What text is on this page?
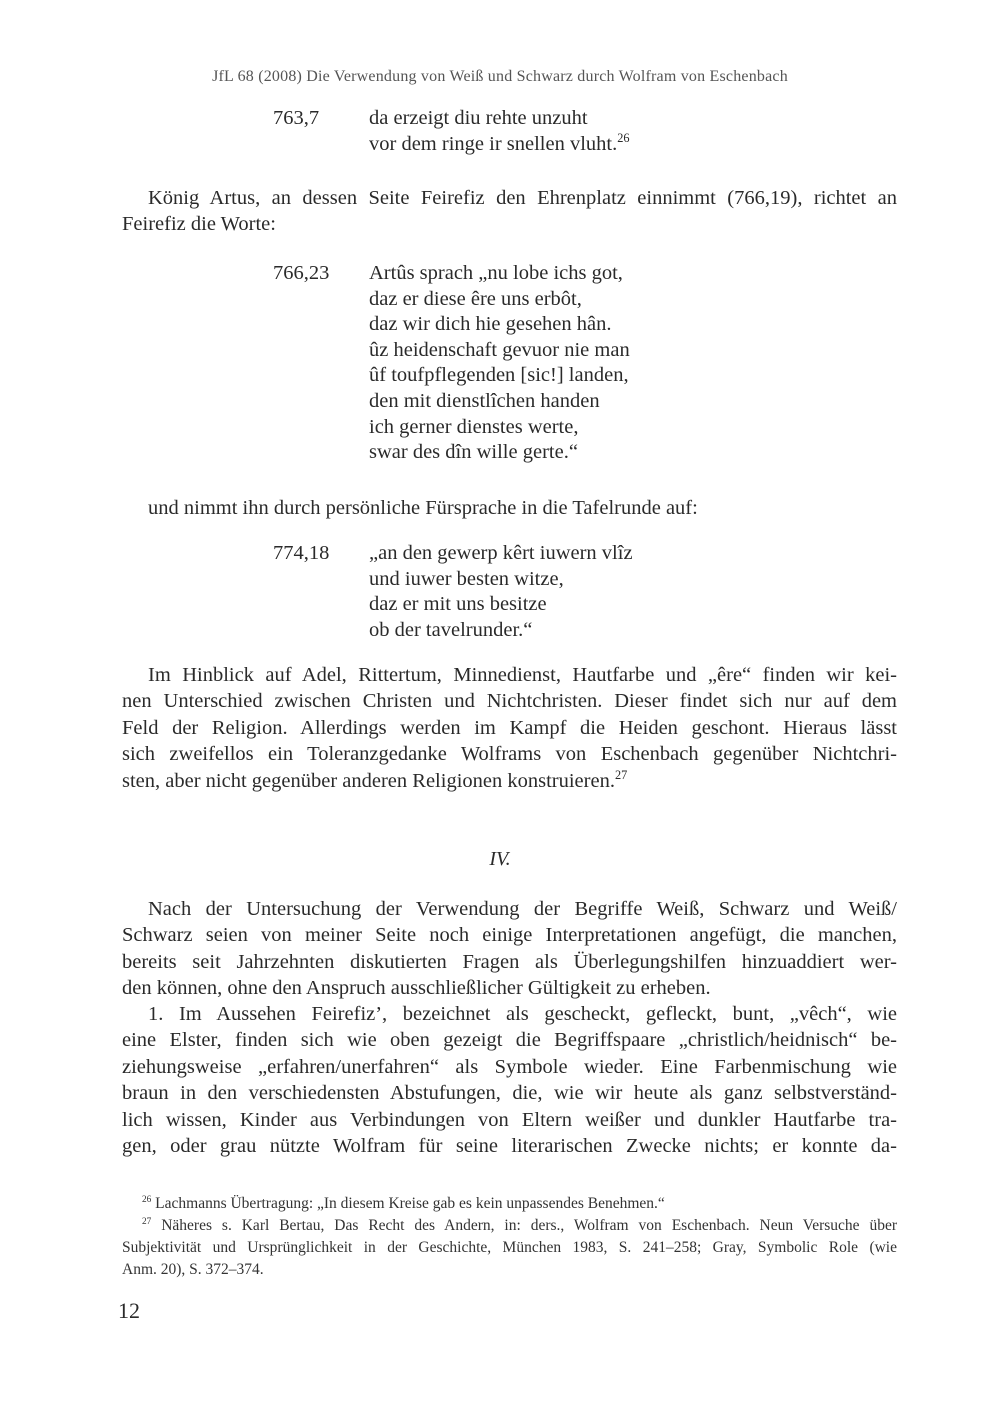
JfL 68 (2008) Die Verwendung von Weiß und Schwarz durch Wolfram von Eschenbach
763,7 da erzeigt diu rehte unzuht
vor dem ringe ir snellen vluht.$^{26}$
König Artus, an dessen Seite Feirefiz den Ehrenplatz einnimmt (766,19), richtet an
Feirefiz die Worte:
766,23 Artûs sprach „nu lobe ichs got,
daz er diese êre uns erbôt,
daz wir dich hie gesehen hân.
ûz heidenschaft gevuor nie man
ûf toufpflegenden [sic!] landen,
den mit dienstlîchen handen
ich gerner dienstes werte,
swar des dîn wille gerte.“
und nimmt ihn durch persönliche Fürsprache in die Tafelrunde auf:
774,18 „an den gewerp kêrt iuwern vlîz
und iuwer besten witze,
daz er mit uns besitze
ob der tavelrunder.“
Im Hinblick auf Adel, Rittertum, Minnedienst, Hautfarbe und „êre“ finden wir kei-
nen Unterschied zwischen Christen und Nichtchristen. Dieser findet sich nur auf dem
Feld der Religion. Allerdings werden im Kampf die Heiden geschont. Hieraus lässt
sich zweifellos ein Toleranzgedanke Wolframs von Eschenbach gegenüber Nichtchri-
sten, aber nicht gegenüber anderen Religionen konstruieren.$^{27}$
IV.
Nach der Untersuchung der Verwendung der Begriffe Weiß, Schwarz und Weiß/
Schwarz seien von meiner Seite noch einige Interpretationen angefügt, die manchen,
bereits seit Jahrzehnten diskutierten Fragen als Überlegungshilfen hinzuaddiert wer-
den können, ohne den Anspruch ausschließlicher Gültigkeit zu erheben.
1. Im Aussehen Feirefiz’, bezeichnet als gescheckt, gefleckt, bunt, „vêch“, wie
eine Elster, finden sich wie oben gezeigt die Begriffspaare „christlich/heidnisch“ be-
ziehungsweise „erfahren/unerfahren“ als Symbole wieder. Eine Farbenmischung wie
braun in den verschiedensten Abstufungen, die, wie wir heute als ganz selbstverständ-
lich wissen, Kinder aus Verbindungen von Eltern weißer und dunkler Hautfarbe tra-
gen, oder grau nützte Wolfram für seine literarischen Zwecke nichts; er konnte da-
$^{26}$ Lachmanns Übertragung: „In diesem Kreise gab es kein unpassendes Benehmen.“
$^{27}$ Näheres s. Karl Bertau, Das Recht des Andern, in: ders., Wolfram von Eschenbach. Neun Versuche über
Subjektivität und Ursprünglichkeit in der Geschichte, München 1983, S. 241–258; Gray, Symbolic Role (wie
Anm. 20), S. 372–374.
12
